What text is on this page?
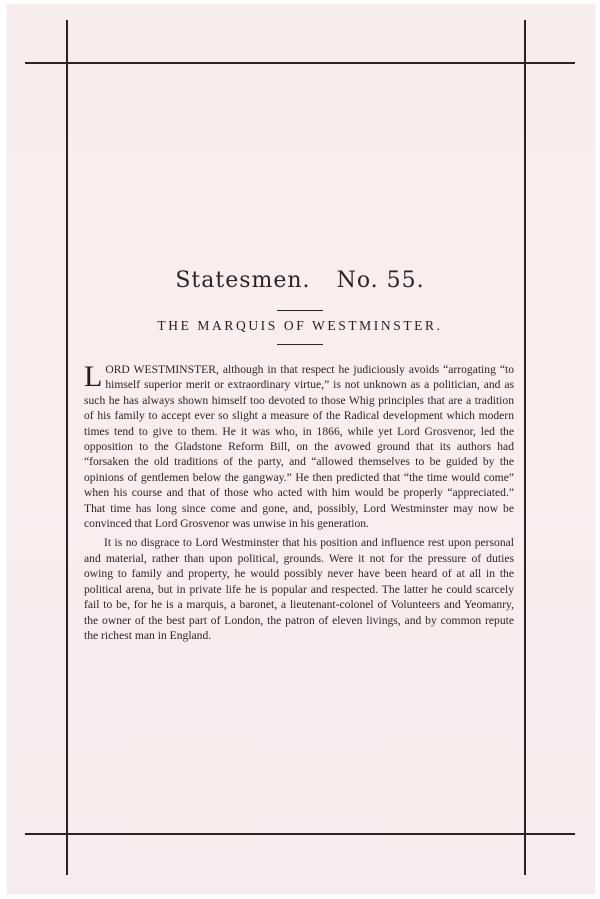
Statesmen. No. 55.
THE MARQUIS OF WESTMINSTER.

LORD WESTMINSTER, although in that respect he judiciously avoids “arrogating “to himself superior merit or extraordinary virtue,” is not unknown as a politician, and as such he has always shown himself too devoted to those Whig principles that are a tradition of his family to accept ever so slight a measure of the Radical development which modern times tend to give to them. He it was who, in 1866, while yet Lord Grosvenor, led the opposition to the Gladstone Reform Bill, on the avowed ground that its authors had “forsaken the old traditions of the party, and “allowed themselves to be guided by the opinions of gentlemen below the gangway.” He then predicted that “the time would come” when his course and that of those who acted with him would be properly “appreciated.” That time has long since come and gone, and, possibly, Lord Westminster may now be convinced that Lord Grosvenor was unwise in his generation.

It is no disgrace to Lord Westminster that his position and influence rest upon personal and material, rather than upon political, grounds. Were it not for the pressure of duties owing to family and property, he would possibly never have been heard of at all in the political arena, but in private life he is popular and respected. The latter he could scarcely fail to be, for he is a marquis, a baronet, a lieutenant-colonel of Volunteers and Yeomanry, the owner of the best part of London, the patron of eleven livings, and by common repute the richest man in England.
